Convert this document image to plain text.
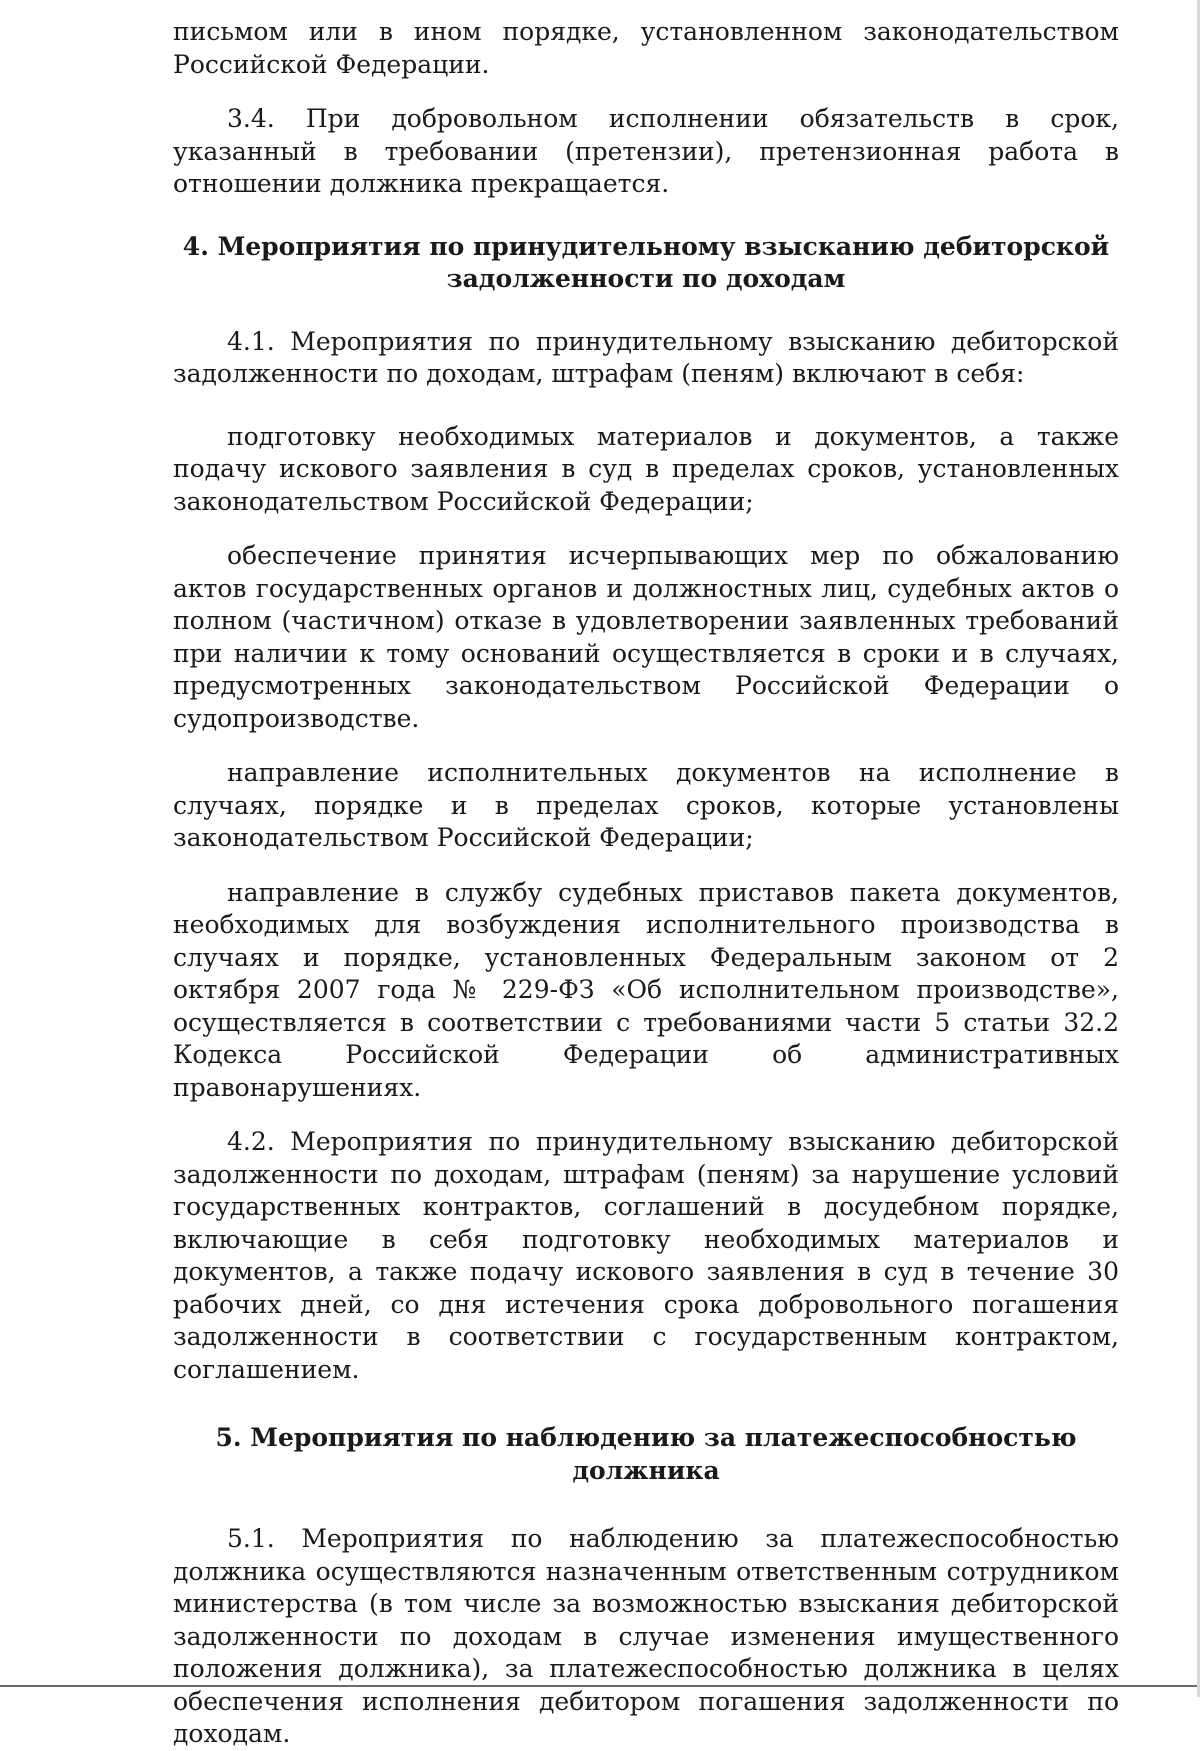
письмом или в ином порядке, установленном законодательством Российской Федерации.

3.4. При добровольном исполнении обязательств в срок, указанный в требовании (претензии), претензионная работа в отношении должника прекращается.

4. Мероприятия по принудительному взысканию дебиторской задолженности по доходам

4.1. Мероприятия по принудительному взысканию дебиторской задолженности по доходам, штрафам (пеням) включают в себя:

подготовку необходимых материалов и документов, а также подачу искового заявления в суд в пределах сроков, установленных законодательством Российской Федерации;

обеспечение принятия исчерпывающих мер по обжалованию актов государственных органов и должностных лиц, судебных актов о полном (частичном) отказе в удовлетворении заявленных требований при наличии к тому оснований осуществляется в сроки и в случаях, предусмотренных законодательством Российской Федерации о судопроизводстве.

направление исполнительных документов на исполнение в случаях, порядке и в пределах сроков, которые установлены законодательством Российской Федерации;

направление в службу судебных приставов пакета документов, необходимых для возбуждения исполнительного производства в случаях и порядке, установленных Федеральным законом от 2 октября 2007 года № 229-ФЗ «Об исполнительном производстве», осуществляется в соответствии с требованиями части 5 статьи 32.2 Кодекса Российской Федерации об административных правонарушениях.

4.2. Мероприятия по принудительному взысканию дебиторской задолженности по доходам, штрафам (пеням) за нарушение условий государственных контрактов, соглашений в досудебном порядке, включающие в себя подготовку необходимых материалов и документов, а также подачу искового заявления в суд в течение 30 рабочих дней, со дня истечения срока добровольного погашения задолженности в соответствии с государственным контрактом, соглашением.

5. Мероприятия по наблюдению за платежеспособностью должника

5.1. Мероприятия по наблюдению за платежеспособностью должника осуществляются назначенным ответственным сотрудником министерства (в том числе за возможностью взыскания дебиторской задолженности по доходам в случае изменения имущественного положения должника), за платежеспособностью должника в целях обеспечения исполнения дебитором погашения задолженности по доходам.
